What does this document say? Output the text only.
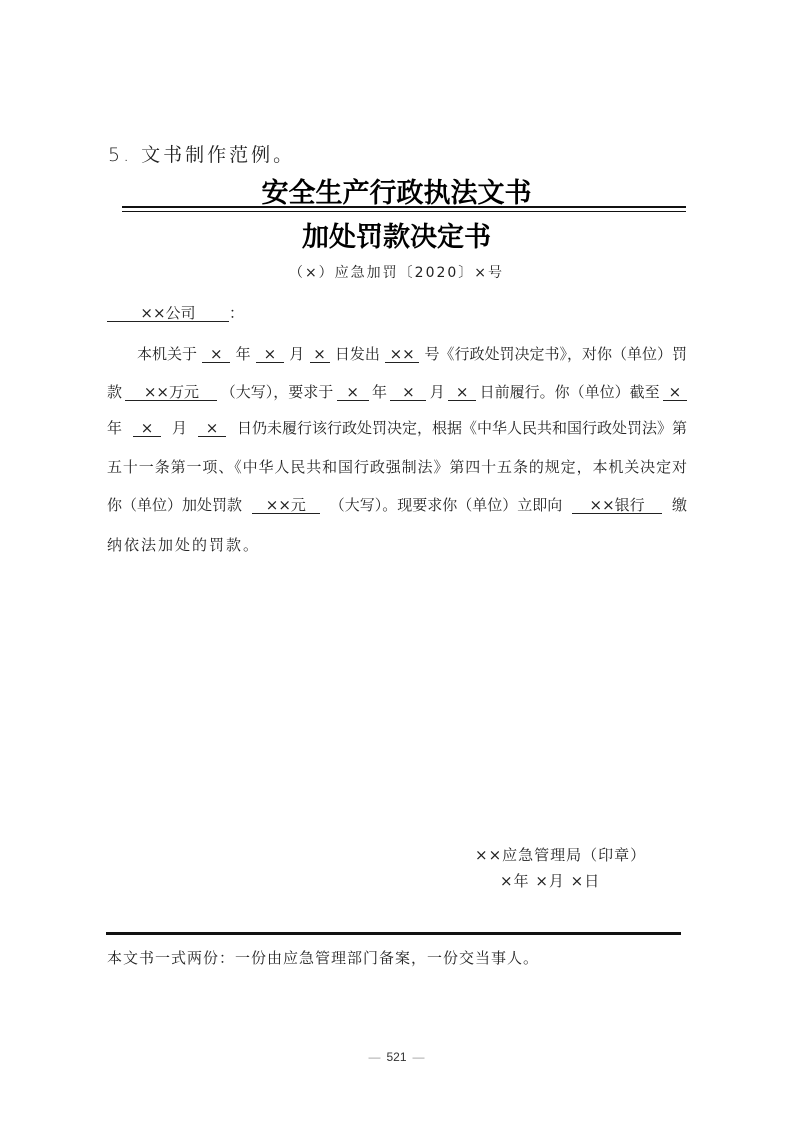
5. 文书制作范例。
安全生产行政执法文书
加处罚款决定书
（×）应急加罚〔2020〕×号
××公司	：
本机关于 × 年 × 月 × 日发出 ×× 号《行政处罚决定书》，对你（单位）罚
款	××万元	（大写），要求于 × 年	×	月 × 日前履行。你（单位）截至 ×
年	×	月	×	日仍未履行该行政处罚决定，根据《中华人民共和国行政处罚法》第
五十一条第一项、《中华人民共和国行政强制法》第四十五条的规定，本机关决定对
你（单位）加处罚款	××元	（大写）。现要求你（单位）立即向	××银行	缴
纳依法加处的罚款。
××应急管理局（印章）
×年 ×月 ×日
本文书一式两份：一份由应急管理部门备案，一份交当事人。
— 521 —
